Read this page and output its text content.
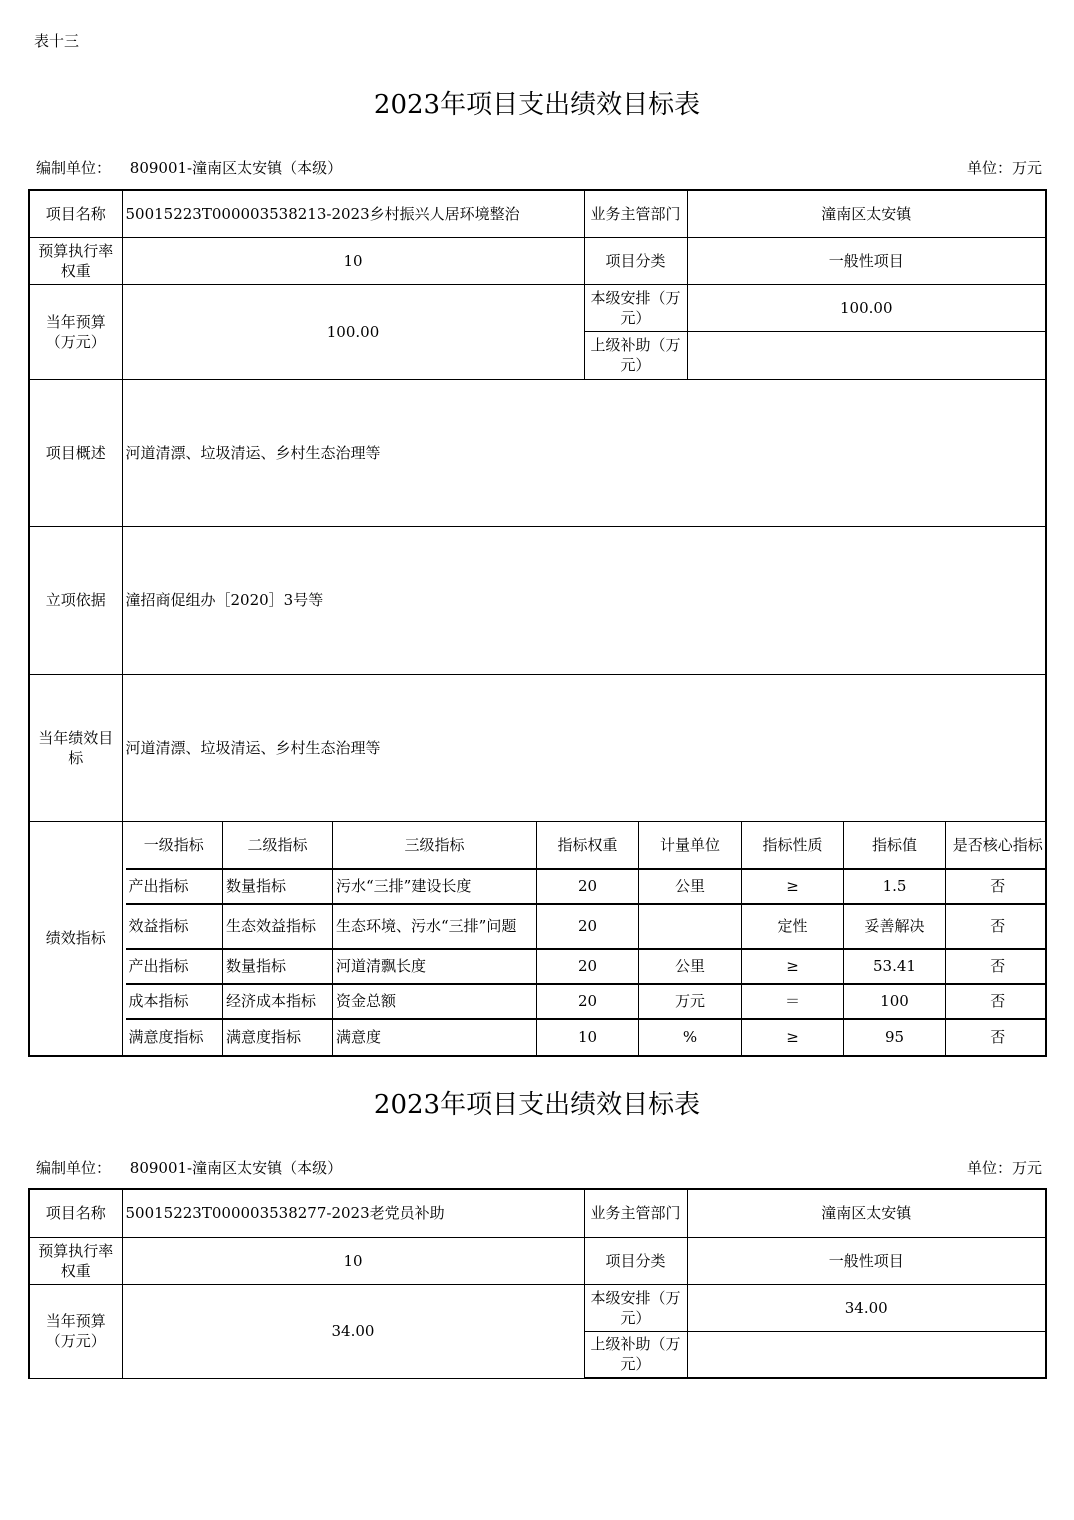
表十三
2023年项目支出绩效目标表
编制单位： 809001-潼南区太安镇（本级）	单位：万元
项目名称	50015223T000003538213-2023乡村振兴人居环境整治	业务主管部门	潼南区太安镇
预算执行率权重	10	项目分类	一般性项目
当年预算（万元）	100.00	本级安排（万元）	100.00
上级补助（万元）	
项目概述	河道清漂、垃圾清运、乡村生态治理等
立项依据	潼招商促组办［2020］3号等
当年绩效目标	河道清漂、垃圾清运、乡村生态治理等
绩效指标	
一级指标	二级指标	三级指标	指标权重	计量单位	指标性质	指标值	是否核心指标
产出指标	数量指标	污水“三排”建设长度	20	公里	≥	1.5	否
效益指标	生态效益指标	生态环境、污水“三排”问题	20		定性	妥善解决	否
产出指标	数量指标	河道清飘长度	20	公里	≥	53.41	否
成本指标	经济成本指标	资金总额	20	万元	＝	100	否
满意度指标	满意度指标	满意度	10	%	≥	95	否
2023年项目支出绩效目标表
编制单位： 809001-潼南区太安镇（本级）	单位：万元
项目名称	50015223T000003538277-2023老党员补助	业务主管部门	潼南区太安镇
预算执行率权重	10	项目分类	一般性项目
当年预算（万元）	34.00	本级安排（万元）	34.00
		上级补助（万元）	
